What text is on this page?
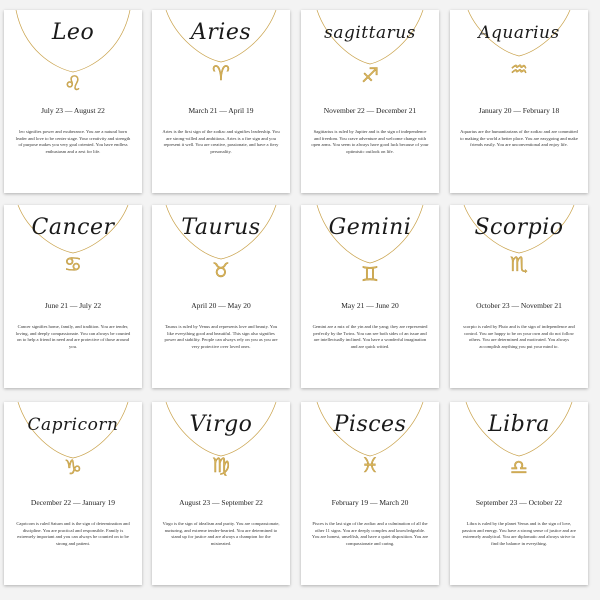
Leo
♌
July 23 — August 22
leo signifies power and exuberance. You are a natural born leader and love to be center stage. Your creativity and strength of purpose makes you very goal oriented. You have endless enthusiasm and a zest for life.
Aries
♈
March 21 — April 19
Aries is the first sign of the zodiac and signifies leadership. You are strong-willed and ambitious. Aries is a fire sign and you represent it well. You are creative, passionate, and have a fiery personality.
sagittarus
♐
November 22 — December 21
Sagittarius is ruled by Jupiter and is the sign of independence and freedom. You crave adventure and welcome change with open arms. You seem to always have good luck because of your optimistic outlook on life.
Aquarius
♒
January 20 — February 18
Aquarius are the humanitarians of the zodiac and are committed to making the world a better place. You are easygoing and make friends easily. You are unconventional and enjoy life.
Cancer
♋
June 21 — July 22
Cancer signifies home, family, and tradition. You are tender, loving, and deeply compassionate. You can always be counted on to help a friend in need and are protective of those around you.
Taurus
♉
April 20 — May 20
Taurus is ruled by Venus and represents love and beauty. You like everything good and beautiful. This sign also signifies power and stability. People can always rely on you as you are very protective over loved ones.
Gemini
♊
May 21 — June 20
Gemini are a mix of the yin and the yang; they are represented perfectly by the Twins. You can see both sides of an issue and are intellectually inclined. You have a wonderful imagination and are quick witted.
Scorpio
♏
October 23 — November 21
scorpio is ruled by Pluto and is the sign of independence and control. You are happy to be on your own and do not follow others. You are determined and motivated. You always accomplish anything you put your mind to.
Capricorn
♑
December 22 — January 19
Capricorn is ruled Saturn and is the sign of determination and discipline. You are practical and responsible. Family is extremely important and you can always be counted on to be strong and patient.
Virgo
♍
August 23 — September 22
Virgo is the sign of idealism and purity. You are compassionate, nurturing, and extreme tender-hearted. You are determined to stand up for justice and are always a champion for the mistreated.
Pisces
♓
February 19 — March 20
Pisces is the last sign of the zodiac and a culmination of all the other 11 signs. You are deeply complex and knowledgeable. You are honest, unselfish, and have a quiet disposition. You are compassionate and caring.
Libra
♎
September 23 — October 22
Libra is ruled by the planet Venus and is the sign of love, passion and energy. You have a strong sense of justice and are extremely analytical. You are diplomatic and always strive to find the balance in everything.
